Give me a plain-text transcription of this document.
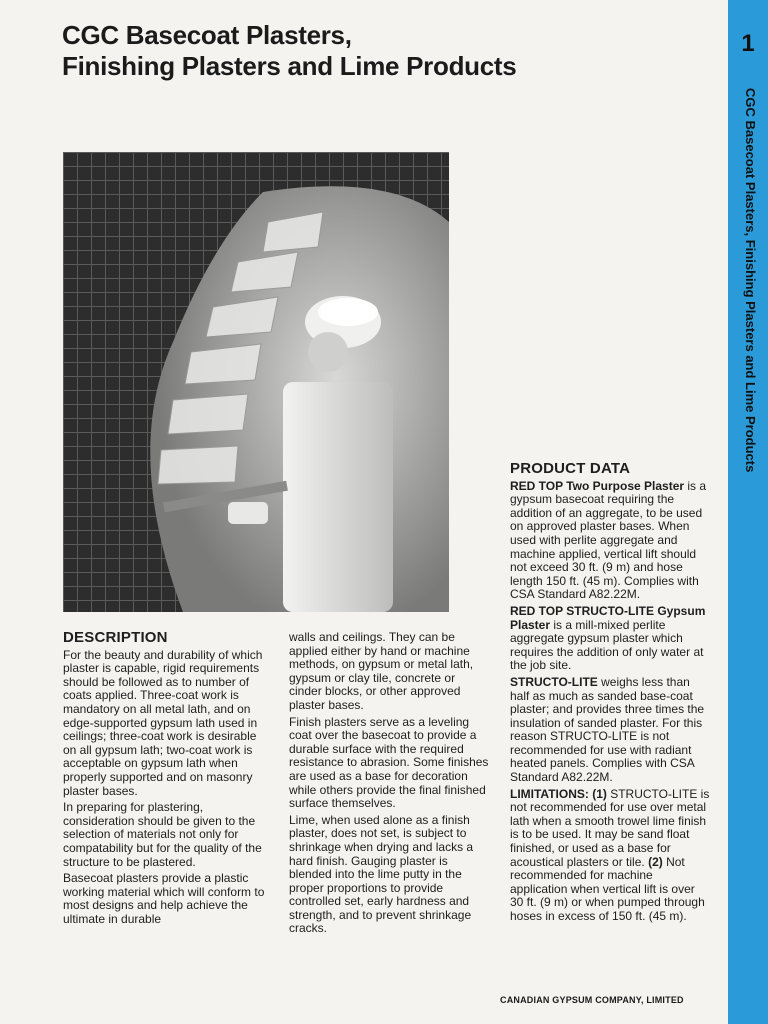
CGC Basecoat Plasters,
Finishing Plasters and Lime Products
1
CGC Basecoat Plasters, Finishing Plasters and Lime Products
DESCRIPTION

For the beauty and durability of which plaster is capable, rigid requirements should be followed as to number of coats applied. Three-coat work is mandatory on all metal lath, and on edge-supported gypsum lath used in ceilings; three-coat work is desirable on all gypsum lath; two-coat work is acceptable on gypsum lath when properly supported and on masonry plaster bases.

In preparing for plastering, consideration should be given to the selection of materials not only for compatability but for the quality of the structure to be plastered.

Basecoat plasters provide a plastic working material which will conform to most designs and help achieve the ultimate in durable

walls and ceilings. They can be applied either by hand or machine methods, on gypsum or metal lath, gypsum or clay tile, concrete or cinder blocks, or other approved plaster bases.

Finish plasters serve as a leveling coat over the basecoat to provide a durable surface with the required resistance to abrasion. Some finishes are used as a base for decoration while others provide the final finished surface themselves.

Lime, when used alone as a finish plaster, does not set, is subject to shrinkage when drying and lacks a hard finish. Gauging plaster is blended into the lime putty in the proper proportions to provide controlled set, early hardness and strength, and to prevent shrinkage cracks.

PRODUCT DATA

RED TOP Two Purpose Plaster is a gypsum basecoat requiring the addition of an aggregate, to be used on approved plaster bases. When used with perlite aggregate and machine applied, vertical lift should not exceed 30 ft. (9 m) and hose length 150 ft. (45 m). Complies with CSA Standard A82.22M.

RED TOP STRUCTO-LITE Gypsum Plaster is a mill-mixed perlite aggregate gypsum plaster which requires the addition of only water at the job site.

STRUCTO-LITE weighs less than half as much as sanded base-coat plaster; and provides three times the insulation of sanded plaster. For this reason STRUCTO-LITE is not recommended for use with radiant heated panels. Complies with CSA Standard A82.22M.

LIMITATIONS: (1) STRUCTO-LITE is not recommended for use over metal lath when a smooth trowel lime finish is to be used. It may be sand float finished, or used as a base for acoustical plasters or tile. (2) Not recommended for machine application when vertical lift is over 30 ft. (9 m) or when pumped through hoses in excess of 150 ft. (45 m).

CANADIAN GYPSUM COMPANY, LIMITED
